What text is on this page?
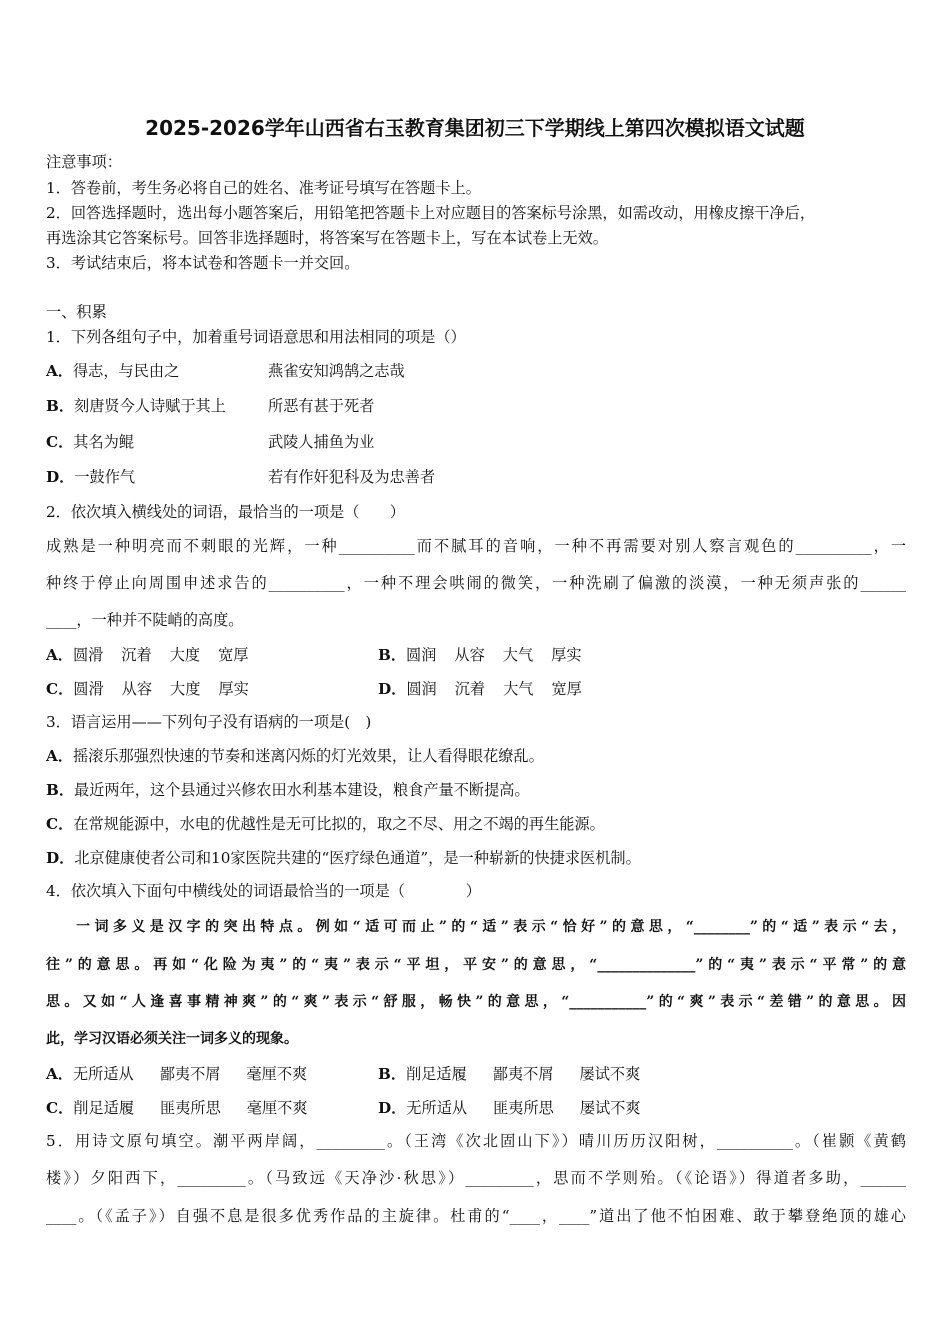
2025-2026学年山西省右玉教育集团初三下学期线上第四次模拟语文试题
注意事项：
1．答卷前，考生务必将自己的姓名、准考证号填写在答题卡上。
2．回答选择题时，选出每小题答案后，用铅笔把答题卡上对应题目的答案标号涂黑，如需改动，用橡皮擦干净后，
再选涂其它答案标号。回答非选择题时，将答案写在答题卡上，写在本试卷上无效。
3．考试结束后，将本试卷和答题卡一并交回。
一、积累
1．下列各组句子中，加着重号词语意思和用法相同的项是（）
A．得志，与民由之	燕雀安知鸿鹄之志哉
B．刻唐贤今人诗赋于其上	所恶有甚于死者
C．其名为鲲	武陵人捕鱼为业
D．一鼓作气	若有作奸犯科及为忠善者
2．依次填入横线处的词语，最恰当的一项是（　　）
成熟是一种明亮而不刺眼的光辉，一种__________而不腻耳的音响，一种不再需要对别人察言观色的__________，一
种终于停止向周围申述求告的__________，一种不理会哄闹的微笑，一种洗刷了偏激的淡漠，一种无须声张的______
____，一种并不陡峭的高度。
A．圆滑 沉着 大度 宽厚	B．圆润 从容 大气 厚实
C．圆滑 从容 大度 厚实	D．圆润 沉着 大气 宽厚
3．语言运用——下列句子没有语病的一项是(　)
A．摇滚乐那强烈快速的节奏和迷离闪烁的灯光效果，让人看得眼花缭乱。
B．最近两年，这个县通过兴修农田水利基本建设，粮食产量不断提高。
C．在常规能源中，水电的优越性是无可比拟的，取之不尽、用之不竭的再生能源。
D．北京健康使者公司和10家医院共建的“医疗绿色通道”，是一种崭新的快捷求医机制。
4．依次填入下面句中横线处的词语最恰当的一项是（　　　　）
一词多义是汉字的突出特点。例如“适可而止”的“适”表示“恰好”的意思，“________”的“适”表示“去，
往”的意思。再如“化险为夷”的“夷”表示“平坦，平安”的意思，“______________”的“夷”表示“平常”的意
思。又如“人逢喜事精神爽”的“爽”表示“舒服，畅快”的意思，“___________”的“爽”表示“差错”的意思。因
此，学习汉语必须关注一词多义的现象。
A．无所适从 鄙夷不屑 毫厘不爽	B．削足适履 鄙夷不屑 屡试不爽
C．削足适履 匪夷所思 毫厘不爽	D．无所适从 匪夷所思 屡试不爽
5．用诗文原句填空。潮平两岸阔，_________。（王湾《次北固山下》）晴川历历汉阳树，__________。（崔颢《黄鹤
楼》）夕阳西下，_________。（马致远《天净沙·秋思》）_________，思而不学则殆。（《论语》）得道者多助，______
____。（《孟子》）自强不息是很多优秀作品的主旋律。杜甫的“____，____”道出了他不怕困难、敢于攀登绝顶的雄心
